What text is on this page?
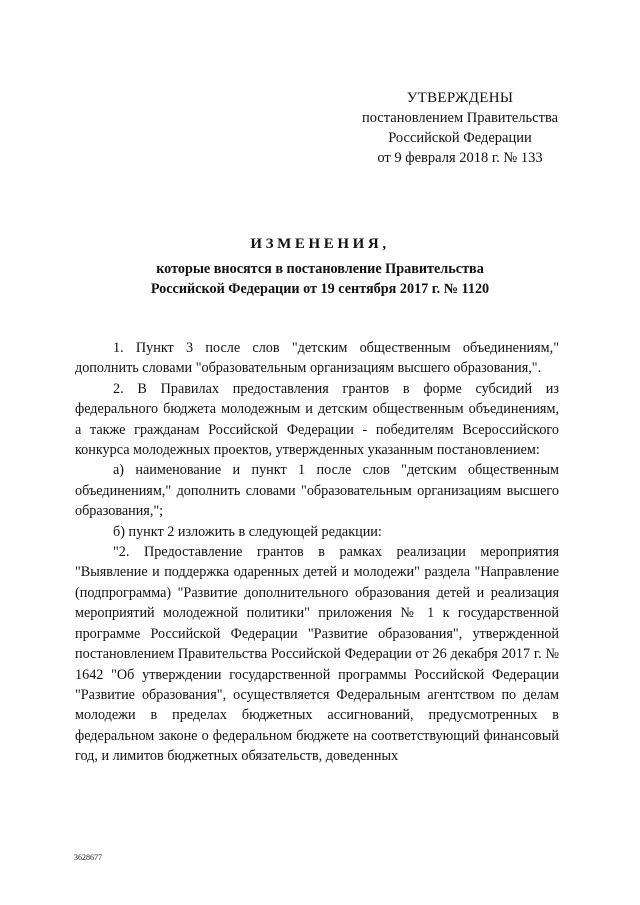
УТВЕРЖДЕНЫ
постановлением Правительства
Российской Федерации
от 9 февраля 2018 г. № 133
ИЗМЕНЕНИЯ,
которые вносятся в постановление Правительства
Российской Федерации от 19 сентября 2017 г. № 1120

1. Пункт 3 после слов "детским общественным объединениям," дополнить словами "образовательным организациям высшего образования,".

2. В Правилах предоставления грантов в форме субсидий из федерального бюджета молодежным и детским общественным объединениям, а также гражданам Российской Федерации - победителям Всероссийского конкурса молодежных проектов, утвержденных указанным постановлением:

а) наименование и пункт 1 после слов "детским общественным объединениям," дополнить словами "образовательным организациям высшего образования,";

б) пункт 2 изложить в следующей редакции:

"2. Предоставление грантов в рамках реализации мероприятия "Выявление и поддержка одаренных детей и молодежи" раздела "Направление (подпрограмма) "Развитие дополнительного образования детей и реализация мероприятий молодежной политики" приложения № 1 к государственной программе Российской Федерации "Развитие образования", утвержденной постановлением Правительства Российской Федерации от 26 декабря 2017 г. № 1642 "Об утверждении государственной программы Российской Федерации "Развитие образования", осуществляется Федеральным агентством по делам молодежи в пределах бюджетных ассигнований, предусмотренных в федеральном законе о федеральном бюджете на соответствующий финансовый год, и лимитов бюджетных обязательств, доведенных

3628677
